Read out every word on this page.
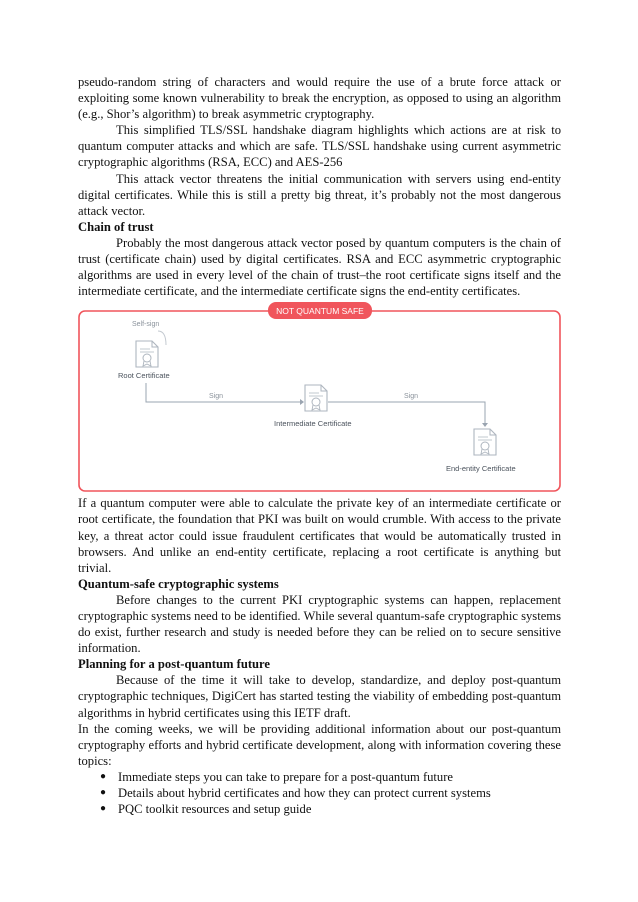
pseudo-random string of characters and would require the use of a brute force attack or exploiting some known vulnerability to break the encryption, as opposed to using an algorithm (e.g., Shor’s algorithm) to break asymmetric cryptography.

This simplified TLS/SSL handshake diagram highlights which actions are at risk to quantum computer attacks and which are safe. TLS/SSL handshake using current asymmetric cryptographic algorithms (RSA, ECC) and AES-256

This attack vector threatens the initial communication with servers using end-entity digital certificates. While this is still a pretty big threat, it’s probably not the most dangerous attack vector.

Chain of trust

Probably the most dangerous attack vector posed by quantum computers is the chain of trust (certificate chain) used by digital certificates. RSA and ECC asymmetric cryptographic algorithms are used in every level of the chain of trust–the root certificate signs itself and the intermediate certificate, and the intermediate certificate signs the end-entity certificates.

NOT QUANTUM SAFE
Self-sign
Root Certificate
Sign
Intermediate Certificate
Sign
End-entity Certificate

If a quantum computer were able to calculate the private key of an intermediate certificate or root certificate, the foundation that PKI was built on would crumble. With access to the private key, a threat actor could issue fraudulent certificates that would be automatically trusted in browsers. And unlike an end-entity certificate, replacing a root certificate is anything but trivial.

Quantum-safe cryptographic systems

Before changes to the current PKI cryptographic systems can happen, replacement cryptographic systems need to be identified. While several quantum-safe cryptographic systems do exist, further research and study is needed before they can be relied on to secure sensitive information.

Planning for a post-quantum future

Because of the time it will take to develop, standardize, and deploy post-quantum cryptographic techniques, DigiCert has started testing the viability of embedding post-quantum algorithms in hybrid certificates using this IETF draft.

In the coming weeks, we will be providing additional information about our post-quantum cryptography efforts and hybrid certificate development, along with information covering these topics:

● Immediate steps you can take to prepare for a post-quantum future
● Details about hybrid certificates and how they can protect current systems
● PQC toolkit resources and setup guide
